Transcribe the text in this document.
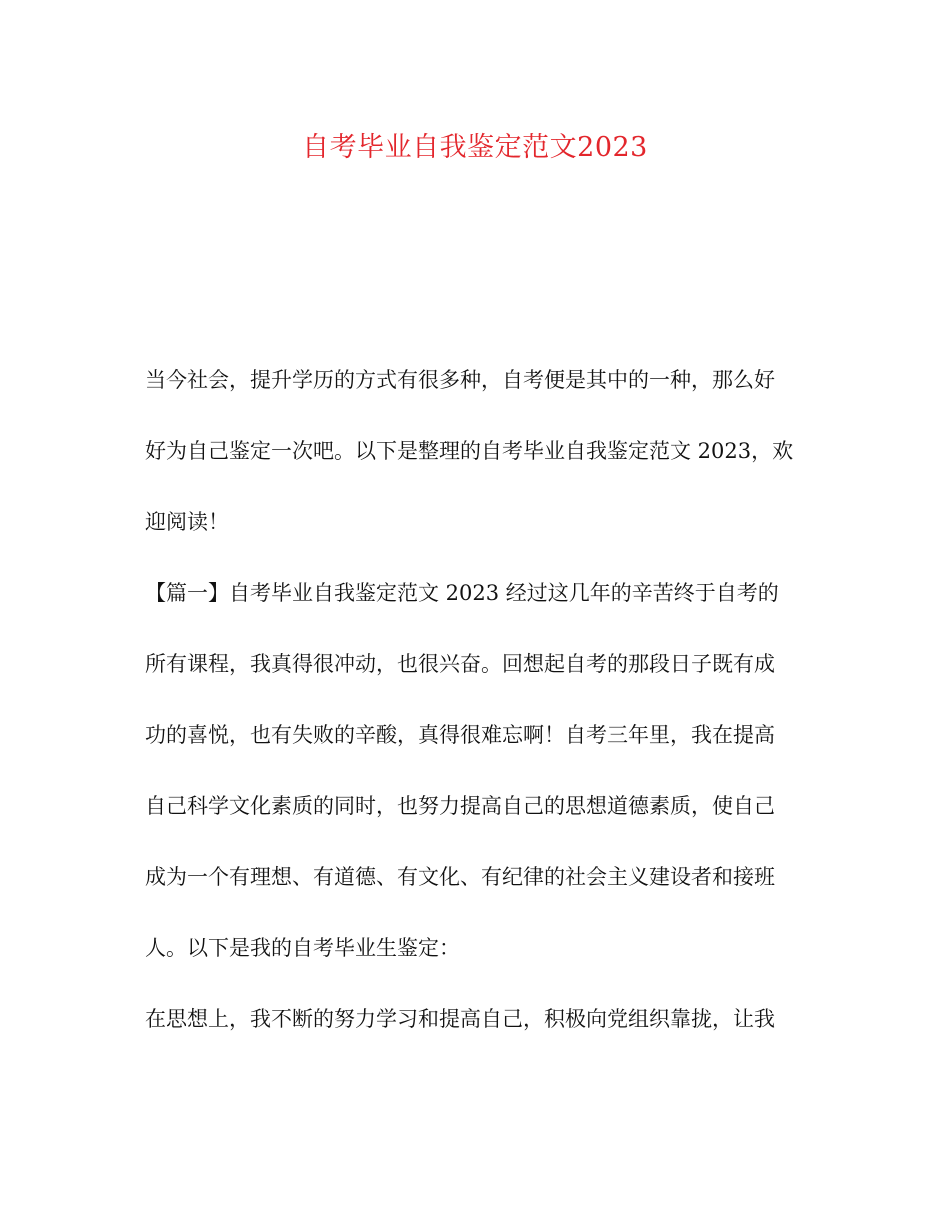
自考毕业自我鉴定范文2023
当今社会，提升学历的方式有很多种，自考便是其中的一种，那么好
好为自己鉴定一次吧。以下是整理的自考毕业自我鉴定范文 2023，欢
迎阅读！
【篇一】自考毕业自我鉴定范文 2023 经过这几年的辛苦终于自考的
所有课程，我真得很冲动，也很兴奋。回想起自考的那段日子既有成
功的喜悦，也有失败的辛酸，真得很难忘啊！自考三年里，我在提高
自己科学文化素质的同时，也努力提高自己的思想道德素质，使自己
成为一个有理想、有道德、有文化、有纪律的社会主义建设者和接班
人。以下是我的自考毕业生鉴定：
在思想上，我不断的努力学习和提高自己，积极向党组织靠拢，让我
